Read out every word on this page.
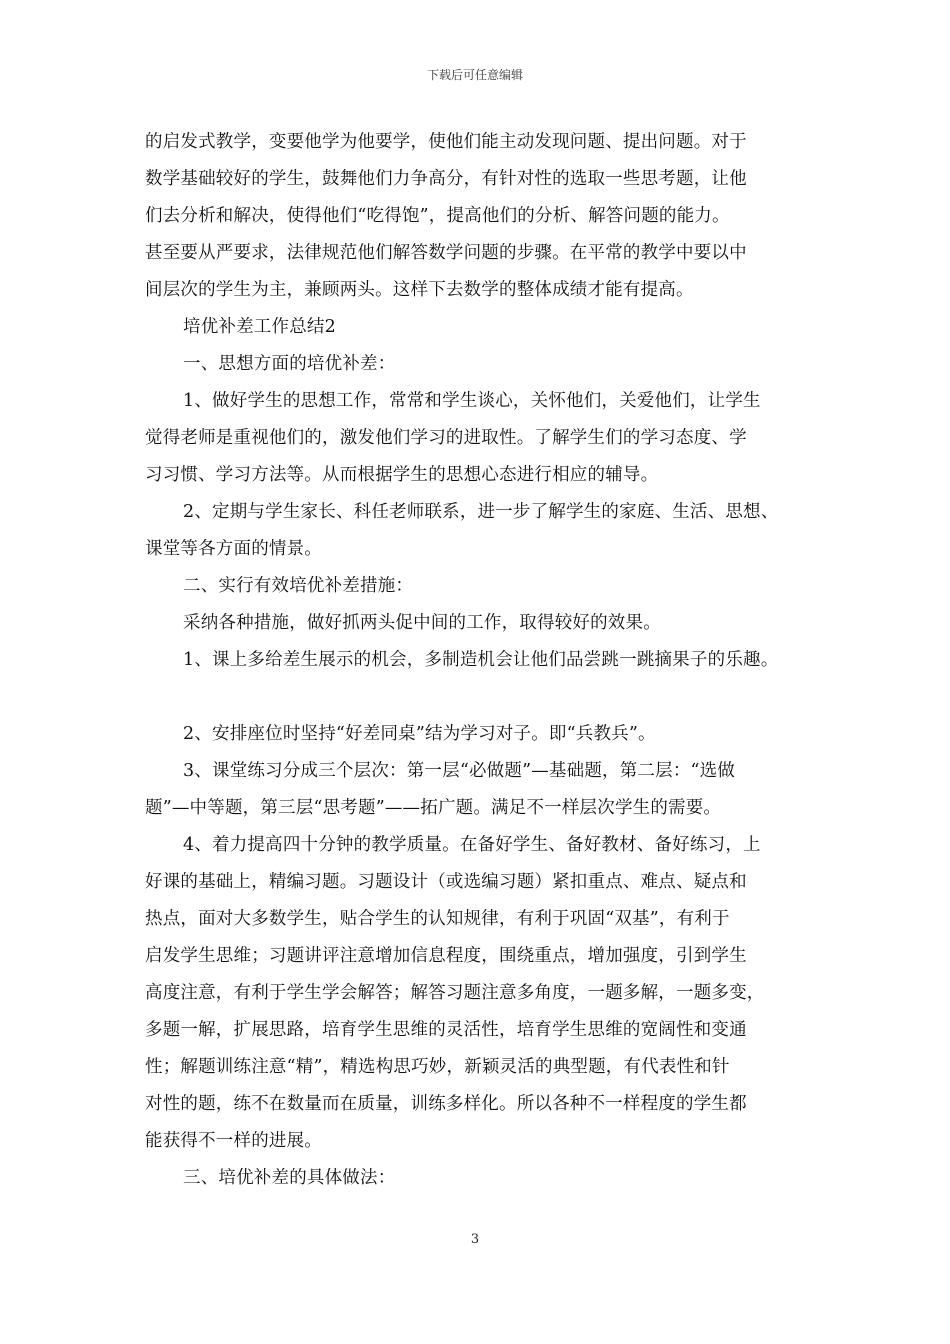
下载后可任意编辑
的启发式教学，变要他学为他要学，使他们能主动发现问题、提出问题。对于
数学基础较好的学生，鼓舞他们力争高分，有针对性的选取一些思考题，让他
们去分析和解决，使得他们“吃得饱”，提高他们的分析、解答问题的能力。
甚至要从严要求，法律规范他们解答数学问题的步骤。在平常的教学中要以中
间层次的学生为主，兼顾两头。这样下去数学的整体成绩才能有提高。
培优补差工作总结2
一、思想方面的培优补差：
1、做好学生的思想工作，常常和学生谈心，关怀他们，关爱他们，让学生
觉得老师是重视他们的，激发他们学习的进取性。了解学生们的学习态度、学
习习惯、学习方法等。从而根据学生的思想心态进行相应的辅导。
2、定期与学生家长、科任老师联系，进一步了解学生的家庭、生活、思想、
课堂等各方面的情景。
二、实行有效培优补差措施：
采纳各种措施，做好抓两头促中间的工作，取得较好的效果。
1、课上多给差生展示的机会，多制造机会让他们品尝跳一跳摘果子的乐趣。
2、安排座位时坚持“好差同桌”结为学习对子。即“兵教兵”。
3、课堂练习分成三个层次：第一层“必做题”—基础题，第二层：“选做
题”—中等题，第三层“思考题”——拓广题。满足不一样层次学生的需要。
4、着力提高四十分钟的教学质量。在备好学生、备好教材、备好练习，上
好课的基础上，精编习题。习题设计（或选编习题）紧扣重点、难点、疑点和
热点，面对大多数学生，贴合学生的认知规律，有利于巩固“双基”，有利于
启发学生思维；习题讲评注意增加信息程度，围绕重点，增加强度，引到学生
高度注意，有利于学生学会解答；解答习题注意多角度，一题多解，一题多变，
多题一解，扩展思路，培育学生思维的灵活性，培育学生思维的宽阔性和变通
性；解题训练注意“精”，精选构思巧妙，新颖灵活的典型题，有代表性和针
对性的题，练不在数量而在质量，训练多样化。所以各种不一样程度的学生都
能获得不一样的进展。
三、培优补差的具体做法：
3
